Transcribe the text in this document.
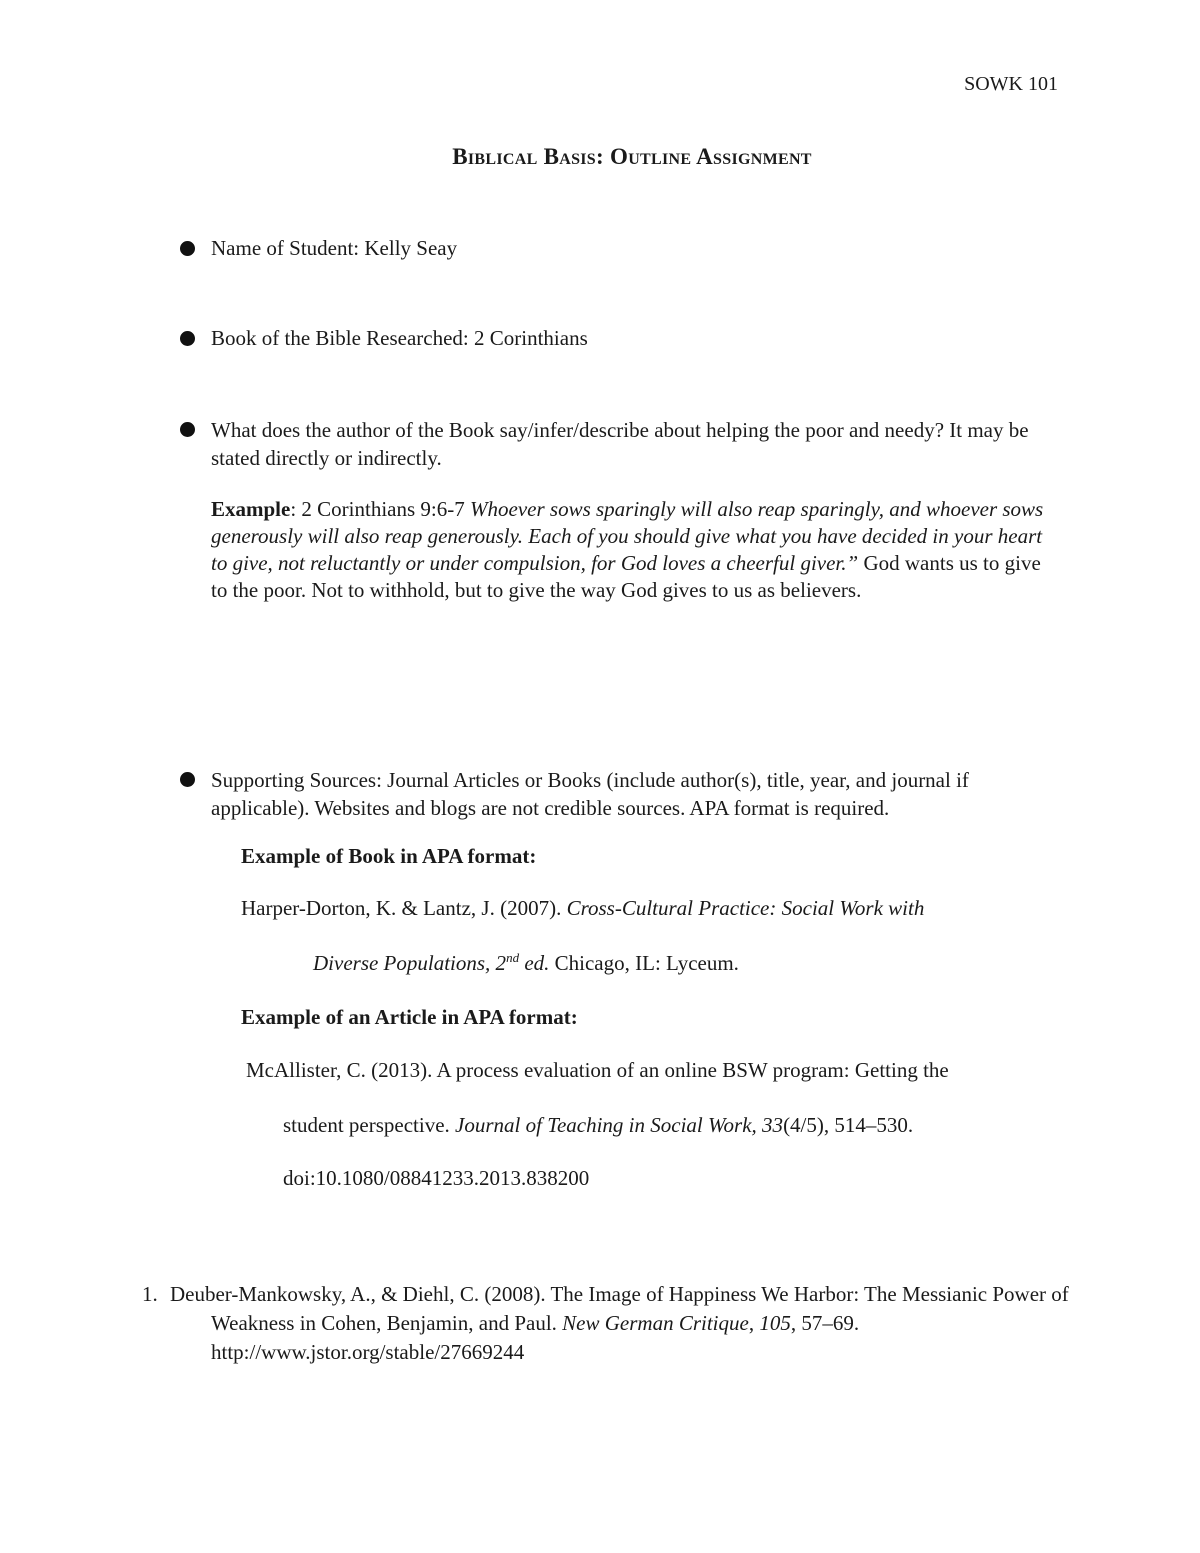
SOWK 101
Biblical Basis: Outline Assignment
Name of Student: Kelly Seay
Book of the Bible Researched: 2 Corinthians
What does the author of the Book say/infer/describe about helping the poor and needy? It may be stated directly or indirectly.
Example: 2 Corinthians 9:6-7 Whoever sows sparingly will also reap sparingly, and whoever sows generously will also reap generously. Each of you should give what you have decided in your heart to give, not reluctantly or under compulsion, for God loves a cheerful giver.” God wants us to give to the poor. Not to withhold, but to give the way God gives to us as believers.
Supporting Sources: Journal Articles or Books (include author(s), title, year, and journal if applicable). Websites and blogs are not credible sources. APA format is required.
Example of Book in APA format:
Harper-Dorton, K. & Lantz, J. (2007). Cross-Cultural Practice: Social Work with
Diverse Populations, 2nd ed. Chicago, IL: Lyceum.
Example of an Article in APA format:
McAllister, C. (2013). A process evaluation of an online BSW program: Getting the
student perspective. Journal of Teaching in Social Work, 33(4/5), 514–530.
doi:10.1080/08841233.2013.838200
1. Deuber-Mankowsky, A., & Diehl, C. (2008). The Image of Happiness We Harbor: The Messianic Power of Weakness in Cohen, Benjamin, and Paul. New German Critique, 105, 57–69. http://www.jstor.org/stable/27669244
